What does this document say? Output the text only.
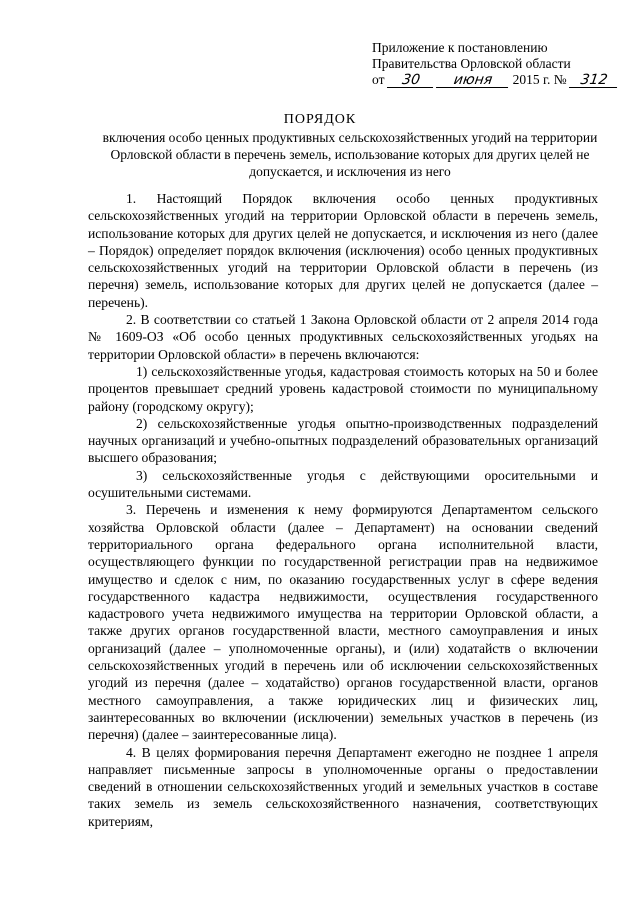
Приложение к постановлению
Правительства Орловской области
от 30 июня 2015 г. № 312
ПОРЯДОК
включения особо ценных продуктивных сельскохозяйственных угодий на территории Орловской области в перечень земель, использование которых для других целей не допускается, и исключения из него

1. Настоящий Порядок включения особо ценных продуктивных сельскохозяйственных угодий на территории Орловской области в перечень земель, использование которых для других целей не допускается, и исключения из него (далее – Порядок) определяет порядок включения (исключения) особо ценных продуктивных сельскохозяйственных угодий на территории Орловской области в перечень (из перечня) земель, использование которых для других целей не допускается (далее – перечень).

2. В соответствии со статьей 1 Закона Орловской области от 2 апреля 2014 года № 1609-ОЗ «Об особо ценных продуктивных сельскохозяйственных угодьях на территории Орловской области» в перечень включаются:

1) сельскохозяйственные угодья, кадастровая стоимость которых на 50 и более процентов превышает средний уровень кадастровой стоимости по муниципальному району (городскому округу);

2) сельскохозяйственные угодья опытно-производственных подразделений научных организаций и учебно-опытных подразделений образовательных организаций высшего образования;

3) сельскохозяйственные угодья с действующими оросительными и осушительными системами.

3. Перечень и изменения к нему формируются Департаментом сельского хозяйства Орловской области (далее – Департамент) на основании сведений территориального органа федерального органа исполнительной власти, осуществляющего функции по государственной регистрации прав на недвижимое имущество и сделок с ним, по оказанию государственных услуг в сфере ведения государственного кадастра недвижимости, осуществления государственного кадастрового учета недвижимого имущества на территории Орловской области, а также других органов государственной власти, местного самоуправления и иных организаций (далее – уполномоченные органы), и (или) ходатайств о включении сельскохозяйственных угодий в перечень или об исключении сельскохозяйственных угодий из перечня (далее – ходатайство) органов государственной власти, органов местного самоуправления, а также юридических лиц и физических лиц, заинтересованных во включении (исключении) земельных участков в перечень (из перечня) (далее – заинтересованные лица).

4. В целях формирования перечня Департамент ежегодно не позднее 1 апреля направляет письменные запросы в уполномоченные органы о предоставлении сведений в отношении сельскохозяйственных угодий и земельных участков в составе таких земель из земель сельскохозяйственного назначения, соответствующих критериям,
